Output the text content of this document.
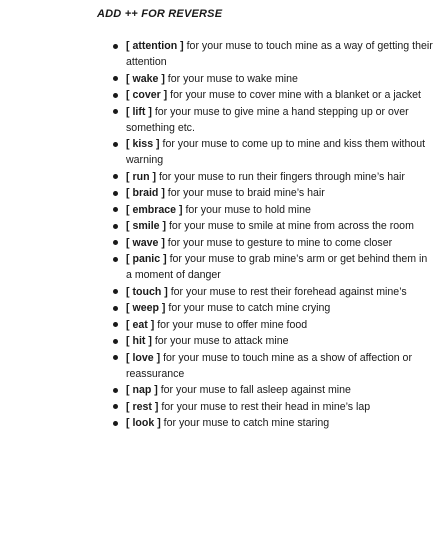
ADD ++ FOR REVERSE

[ attention ] for your muse to touch mine as a way of getting their attention
[ wake ] for your muse to wake mine
[ cover ] for your muse to cover mine with a blanket or a jacket
[ lift ] for your muse to give mine a hand stepping up or over something etc.
[ kiss ] for your muse to come up to mine and kiss them without warning
[ run ] for your muse to run their fingers through mine’s hair
[ braid ] for your muse to braid mine’s hair
[ embrace ] for your muse to hold mine
[ smile ] for your muse to smile at mine from across the room
[ wave ] for your muse to gesture to mine to come closer
[ panic ] for your muse to grab mine’s arm or get behind them in a moment of danger
[ touch ] for your muse to rest their forehead against mine’s
[ weep ] for your muse to catch mine crying
[ eat ] for your muse to offer mine food
[ hit ] for your muse to attack mine
[ love ] for your muse to touch mine as a show of affection or reassurance
[ nap ] for your muse to fall asleep against mine
[ rest ] for your muse to rest their head in mine’s lap
[ look ] for your muse to catch mine staring
